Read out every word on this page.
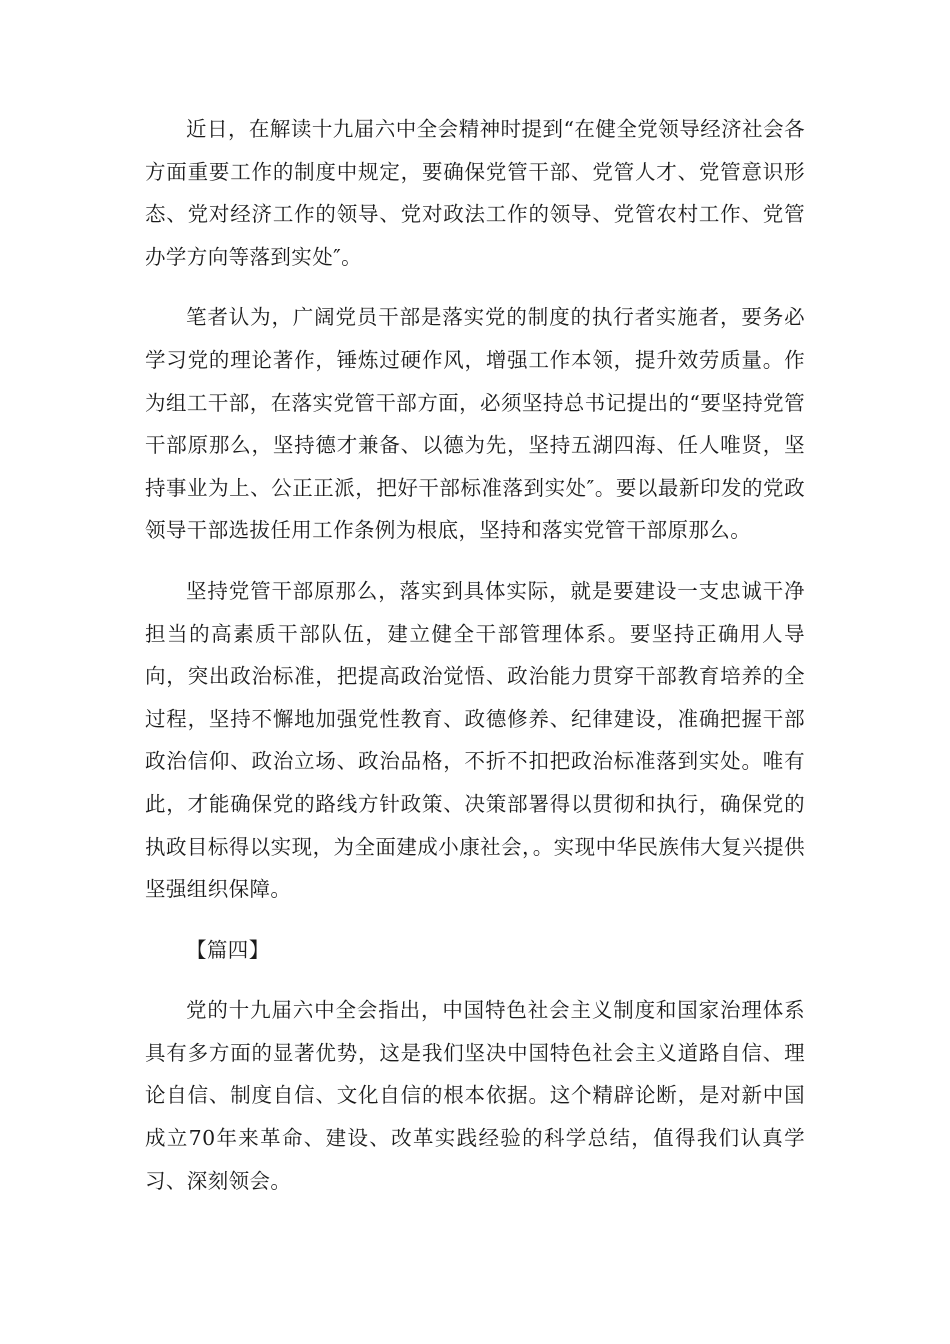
近日，在解读十九届六中全会精神时提到“在健全党领导经济社会各方面重要工作的制度中规定，要确保党管干部、党管人才、党管意识形态、党对经济工作的领导、党对政法工作的领导、党管农村工作、党管办学方向等落到实处″。

笔者认为，广阔党员干部是落实党的制度的执行者实施者，要务必学习党的理论著作，锤炼过硬作风，增强工作本领，提升效劳质量。作为组工干部，在落实党管干部方面，必须坚持总书记提出的“要坚持党管干部原那么，坚持德才兼备、以德为先，坚持五湖四海、任人唯贤，坚持事业为上、公正正派，把好干部标准落到实处″。要以最新印发的党政领导干部选拔任用工作条例为根底，坚持和落实党管干部原那么。

坚持党管干部原那么，落实到具体实际，就是要建设一支忠诚干净担当的高素质干部队伍，建立健全干部管理体系。要坚持正确用人导向，突出政治标准，把提高政治觉悟、政治能力贯穿干部教育培养的全过程，坚持不懈地加强党性教育、政德修养、纪律建设，准确把握干部政治信仰、政治立场、政治品格，不折不扣把政治标准落到实处。唯有此，才能确保党的路线方针政策、决策部署得以贯彻和执行，确保党的执政目标得以实现，为全面建成小康社会，。实现中华民族伟大复兴提供坚强组织保障。

【篇四】

党的十九届六中全会指出，中国特色社会主义制度和国家治理体系具有多方面的显著优势，这是我们坚决中国特色社会主义道路自信、理论自信、制度自信、文化自信的根本依据。这个精辟论断，是对新中国成立70年来革命、建设、改革实践经验的科学总结，值得我们认真学习、深刻领会。
